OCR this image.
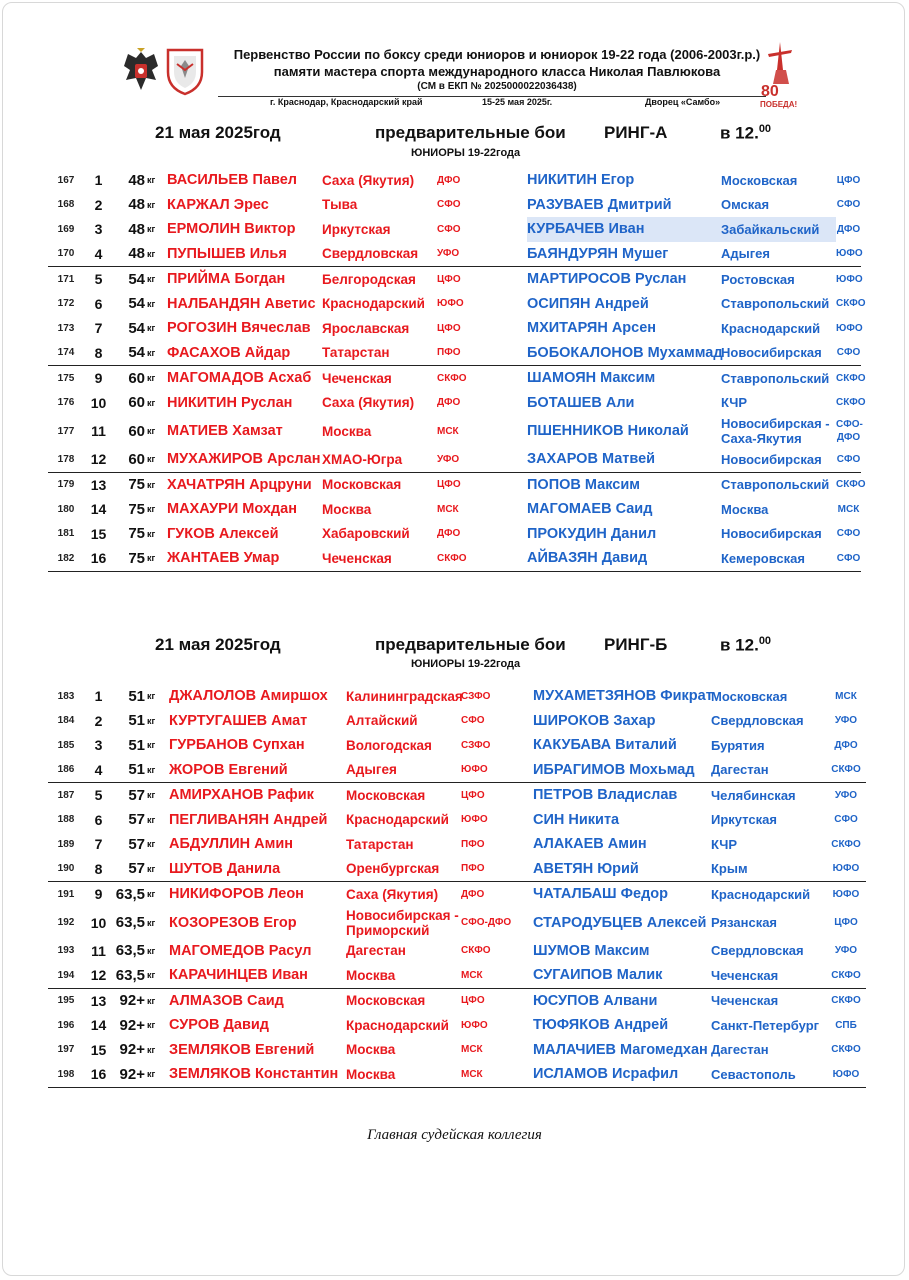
Первенство России по боксу среди юниоров и юниорок 19-22 года (2006-2003г.р.)
памяти мастера спорта международного класса Николая Павлюкова
(СМ в ЕКП № 2025000022036438)
г. Краснодар, Краснодарский край	15-25 мая 2025г.	Дворец «Самбо»
80
ПОБЕДА!
21 мая 2025год	предварительные бои РИНГ-А	в 12.00
ЮНИОРЫ 19-22года
167	1	48	кг	ВАСИЛЬЕВ Павел	Саха (Якутия)	ДФО	НИКИТИН Егор	Московская	ЦФО
168	2	48	кг	КАРЖАЛ Эрес	Тыва	СФО	РАЗУВАЕВ Дмитрий	Омская	СФО
169	3	48	кг	ЕРМОЛИН Виктор	Иркутская	СФО	КУРБАЧЕВ Иван	Забайкальский	ДФО
170	4	48	кг	ПУПЫШЕВ Илья	Свердловская	УФО	БАЯНДУРЯН Мушег	Адыгея	ЮФО
171	5	54	кг	ПРИЙМА Богдан	Белгородская	ЦФО	МАРТИРОСОВ Руслан	Ростовская	ЮФО
172	6	54	кг	НАЛБАНДЯН Аветис	Краснодарский	ЮФО	ОСИПЯН Андрей	Ставропольский	СКФО
173	7	54	кг	РОГОЗИН Вячеслав	Ярославская	ЦФО	МХИТАРЯН Арсен	Краснодарский	ЮФО
174	8	54	кг	ФАСАХОВ Айдар	Татарстан	ПФО	БОБОКАЛОНОВ Мухаммад	Новосибирская	СФО
175	9	60	кг	МАГОМАДОВ Асхаб	Чеченская	СКФО	ШАМОЯН Максим	Ставропольский	СКФО
176	10	60	кг	НИКИТИН Руслан	Саха (Якутия)	ДФО	БОТАШЕВ Али	КЧР	СКФО
177	11	60	кг	МАТИЕВ Хамзат	Москва	МСК	ПШЕННИКОВ Николай	Новосибирская - Саха-Якутия	СФО-ДФО
178	12	60	кг	МУХАЖИРОВ Арслан	ХМАО-Югра	УФО	ЗАХАРОВ Матвей	Новосибирская	СФО
179	13	75	кг	ХАЧАТРЯН Арцруни	Московская	ЦФО	ПОПОВ Максим	Ставропольский	СКФО
180	14	75	кг	МАХАУРИ Мохдан	Москва	МСК	МАГОМАЕВ Саид	Москва	МСК
181	15	75	кг	ГУКОВ Алексей	Хабаровский	ДФО	ПРОКУДИН Данил	Новосибирская	СФО
182	16	75	кг	ЖАНТАЕВ Умар	Чеченская	СКФО	АЙВАЗЯН Давид	Кемеровская	СФО
21 мая 2025год	предварительные бои РИНГ-Б	в 12.00
ЮНИОРЫ 19-22года
183	1	51	кг	ДЖАЛОЛОВ Амиршох	Калининградская	СЗФО	МУХАМЕТЗЯНОВ Фикрат	Московская	МСК
184	2	51	кг	КУРТУГАШЕВ Амат	Алтайский	СФО	ШИРОКОВ Захар	Свердловская	УФО
185	3	51	кг	ГУРБАНОВ Супхан	Вологодская	СЗФО	КАКУБАВА Виталий	Бурятия	ДФО
186	4	51	кг	ЖОРОВ Евгений	Адыгея	ЮФО	ИБРАГИМОВ Мохьмад	Дагестан	СКФО
187	5	57	кг	АМИРХАНОВ Рафик	Московская	ЦФО	ПЕТРОВ Владислав	Челябинская	УФО
188	6	57	кг	ПЕГЛИВАНЯН Андрей	Краснодарский	ЮФО	СИН Никита	Иркутская	СФО
189	7	57	кг	АБДУЛЛИН Амин	Татарстан	ПФО	АЛАКАЕВ Амин	КЧР	СКФО
190	8	57	кг	ШУТОВ Данила	Оренбургская	ПФО	АВЕТЯН Юрий	Крым	ЮФО
191	9	63,5	кг	НИКИФОРОВ Леон	Саха (Якутия)	ДФО	ЧАТАЛБАШ Федор	Краснодарский	ЮФО
192	10	63,5	кг	КОЗОРЕЗОВ Егор	Новосибирская - Приморский	СФО-ДФО	СТАРОДУБЦЕВ Алексей	Рязанская	ЦФО
193	11	63,5	кг	МАГОМЕДОВ Расул	Дагестан	СКФО	ШУМОВ Максим	Свердловская	УФО
194	12	63,5	кг	КАРАЧИНЦЕВ Иван	Москва	МСК	СУГАИПОВ Малик	Чеченская	СКФО
195	13	92+	кг	АЛМАЗОВ Саид	Московская	ЦФО	ЮСУПОВ Алвани	Чеченская	СКФО
196	14	92+	кг	СУРОВ Давид	Краснодарский	ЮФО	ТЮФЯКОВ Андрей	Санкт-Петербург	СПБ
197	15	92+	кг	ЗЕМЛЯКОВ Евгений	Москва	МСК	МАЛАЧИЕВ Магомедхан	Дагестан	СКФО
198	16	92+	кг	ЗЕМЛЯКОВ Константин	Москва	МСК	ИСЛАМОВ Исрафил	Севастополь	ЮФО
Главная судейская коллегия
